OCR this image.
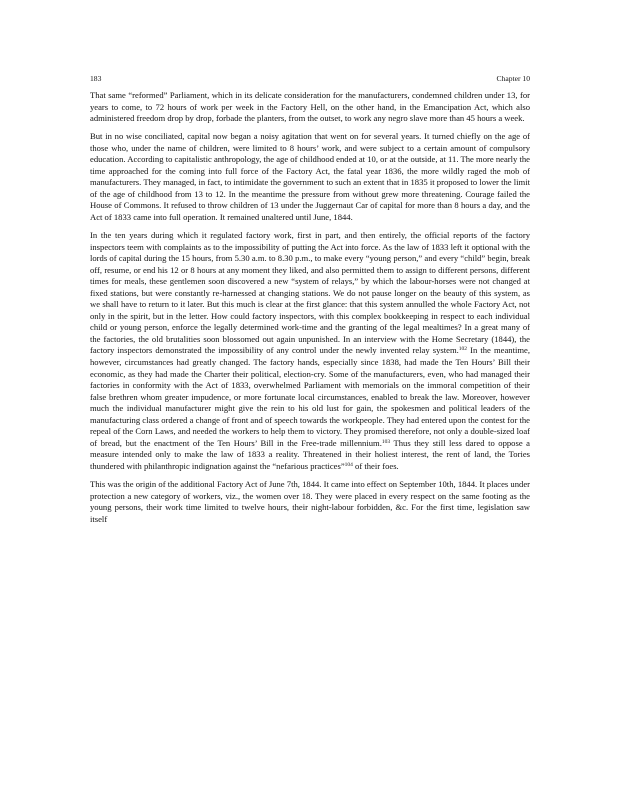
183	Chapter 10

That same “reformed” Parliament, which in its delicate consideration for the manufacturers, condemned children under 13, for years to come, to 72 hours of work per week in the Factory Hell, on the other hand, in the Emancipation Act, which also administered freedom drop by drop, forbade the planters, from the outset, to work any negro slave more than 45 hours a week.

But in no wise conciliated, capital now began a noisy agitation that went on for several years. It turned chiefly on the age of those who, under the name of children, were limited to 8 hours’ work, and were subject to a certain amount of compulsory education. According to capitalistic anthropology, the age of childhood ended at 10, or at the outside, at 11. The more nearly the time approached for the coming into full force of the Factory Act, the fatal year 1836, the more wildly raged the mob of manufacturers. They managed, in fact, to intimidate the government to such an extent that in 1835 it proposed to lower the limit of the age of childhood from 13 to 12. In the meantime the pressure from without grew more threatening. Courage failed the House of Commons. It refused to throw children of 13 under the Juggernaut Car of capital for more than 8 hours a day, and the Act of 1833 came into full operation. It remained unaltered until June, 1844.

In the ten years during which it regulated factory work, first in part, and then entirely, the official reports of the factory inspectors teem with complaints as to the impossibility of putting the Act into force. As the law of 1833 left it optional with the lords of capital during the 15 hours, from 5.30 a.m. to 8.30 p.m., to make every “young person,” and every “child” begin, break off, resume, or end his 12 or 8 hours at any moment they liked, and also permitted them to assign to different persons, different times for meals, these gentlemen soon discovered a new “system of relays,” by which the labour-horses were not changed at fixed stations, but were constantly re-harnessed at changing stations. We do not pause longer on the beauty of this system, as we shall have to return to it later. But this much is clear at the first glance: that this system annulled the whole Factory Act, not only in the spirit, but in the letter. How could factory inspectors, with this complex bookkeeping in respect to each individual child or young person, enforce the legally determined work-time and the granting of the legal mealtimes? In a great many of the factories, the old brutalities soon blossomed out again unpunished. In an interview with the Home Secretary (1844), the factory inspectors demonstrated the impossibility of any control under the newly invented relay system.$^{102}$ In the meantime, however, circumstances had greatly changed. The factory hands, especially since 1838, had made the Ten Hours’ Bill their economic, as they had made the Charter their political, election-cry. Some of the manufacturers, even, who had managed their factories in conformity with the Act of 1833, overwhelmed Parliament with memorials on the immoral competition of their false brethren whom greater impudence, or more fortunate local circumstances, enabled to break the law. Moreover, however much the individual manufacturer might give the rein to his old lust for gain, the spokesmen and political leaders of the manufacturing class ordered a change of front and of speech towards the workpeople. They had entered upon the contest for the repeal of the Corn Laws, and needed the workers to help them to victory. They promised therefore, not only a double-sized loaf of bread, but the enactment of the Ten Hours’ Bill in the Free-trade millennium.$^{103}$ Thus they still less dared to oppose a measure intended only to make the law of 1833 a reality. Threatened in their holiest interest, the rent of land, the Tories thundered with philanthropic indignation against the “nefarious practices”$^{104}$ of their foes.

This was the origin of the additional Factory Act of June 7th, 1844. It came into effect on September 10th, 1844. It places under protection a new category of workers, viz., the women over 18. They were placed in every respect on the same footing as the young persons, their work time limited to twelve hours, their night-labour forbidden, &c. For the first time, legislation saw itself
